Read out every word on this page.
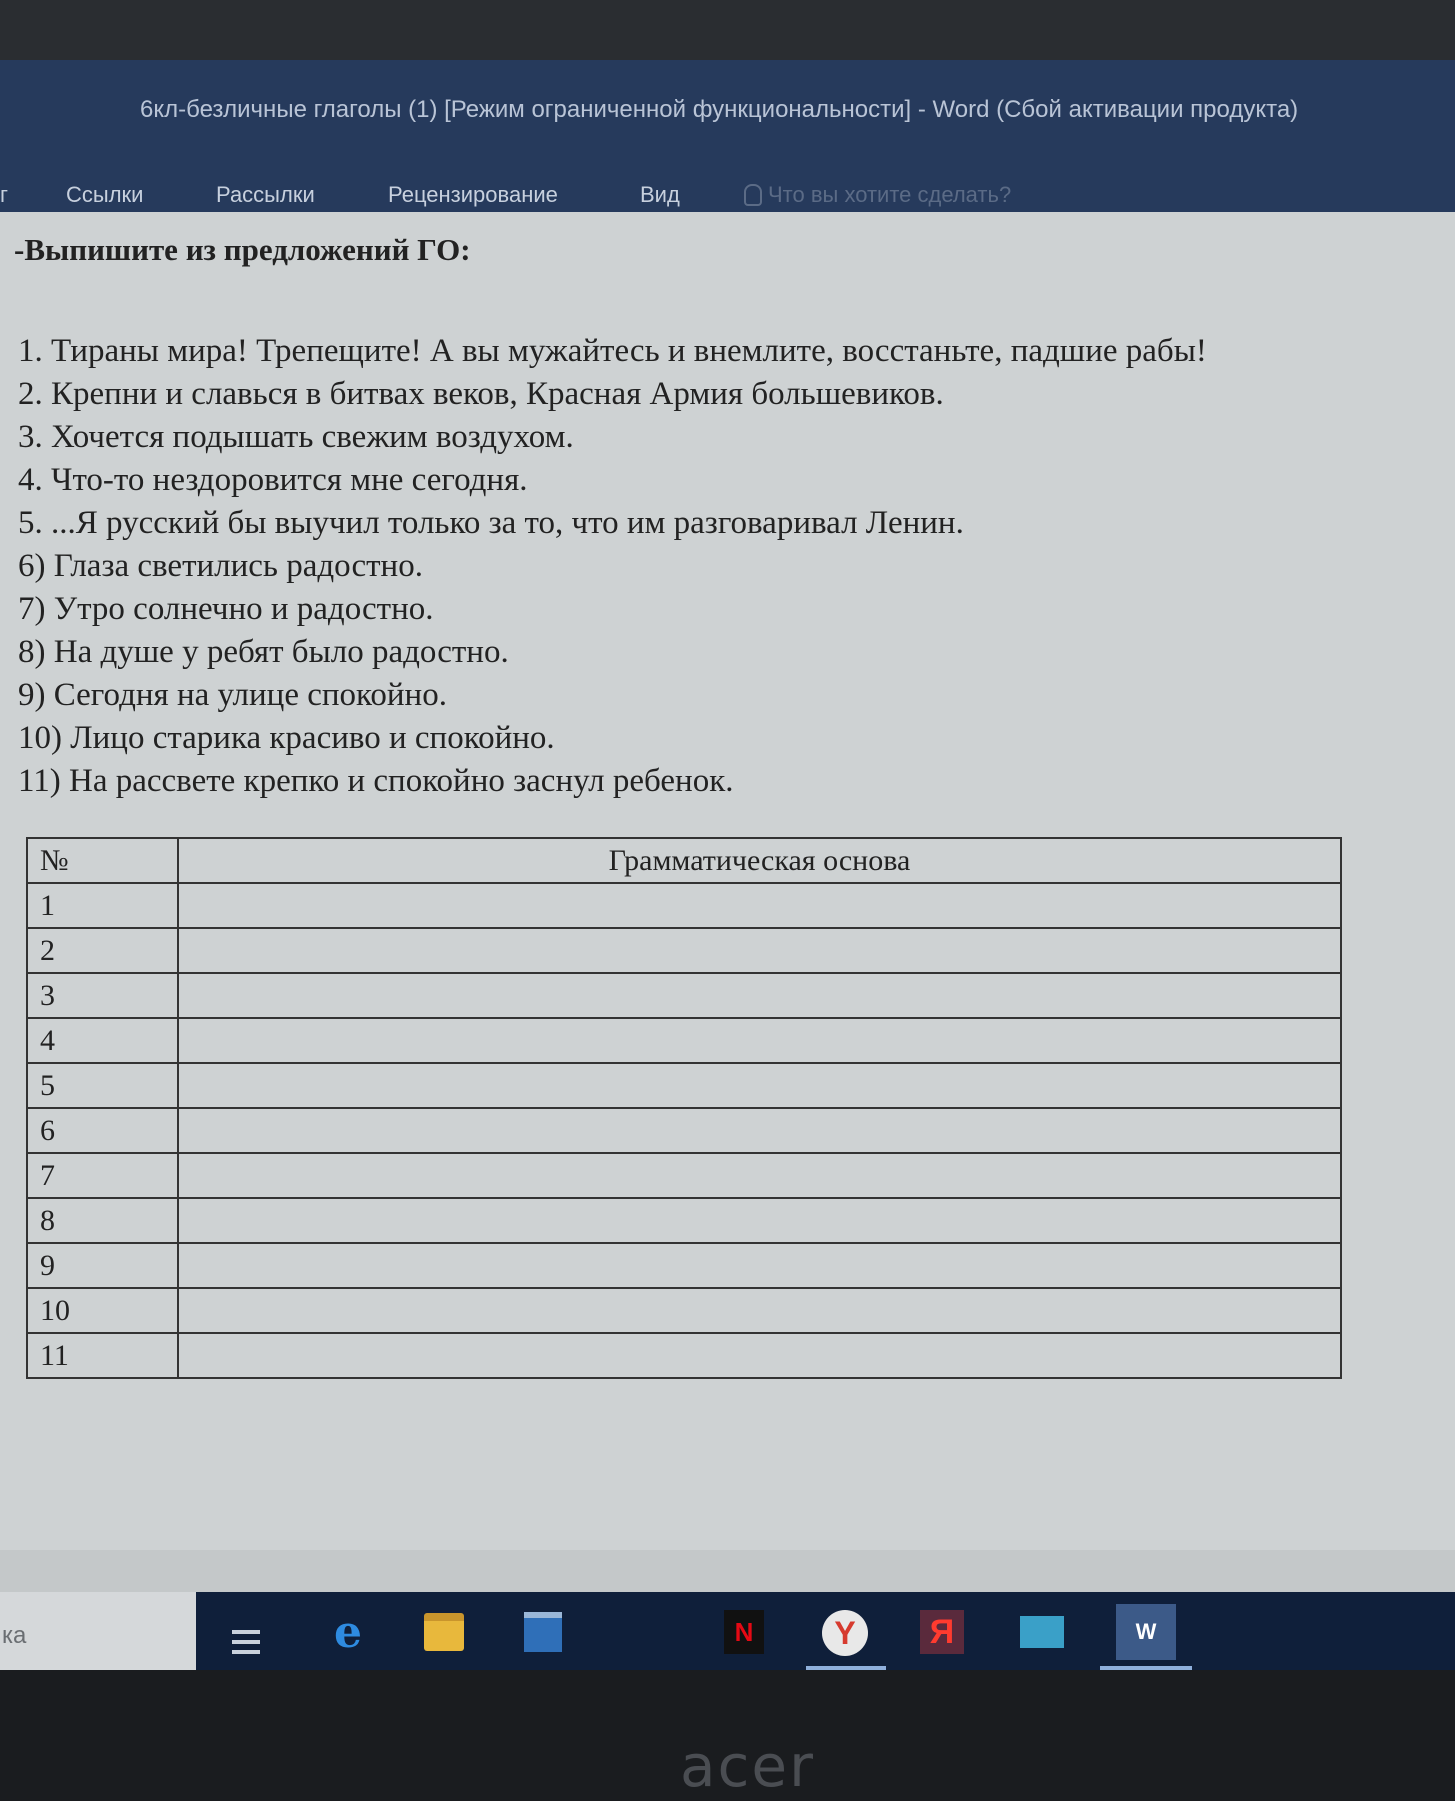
6кл-безличные глаголы (1) [Режим ограниченной функциональности] - Word (Сбой активации продукта)
г	Ссылки	Рассылки	Рецензирование	Вид	Что вы хотите сделать?
-Выпишите из предложений ГО:
1. Тираны мира! Трепещите! А вы мужайтесь и внемлите, восстаньте, падшие рабы!
2. Крепни и славься в битвах веков, Красная Армия большевиков.
3. Хочется подышать свежим воздухом.
4. Что-то нездоровится мне сегодня.
5. ...Я русский бы выучил только за то, что им разговаривал Ленин.
6) Глаза светились радостно.
7) Утро солнечно и радостно.
8) На душе у ребят было радостно.
9) Сегодня на улице спокойно.
10) Лицо старика красиво и спокойно.
11) На рассвете крепко и спокойно заснул ребенок.
№	Грамматическая основа
1	
2	
3	
4	
5	
6	
7	
8	
9	
10	
11	
ка	e	N	Y	Я	W
acer
